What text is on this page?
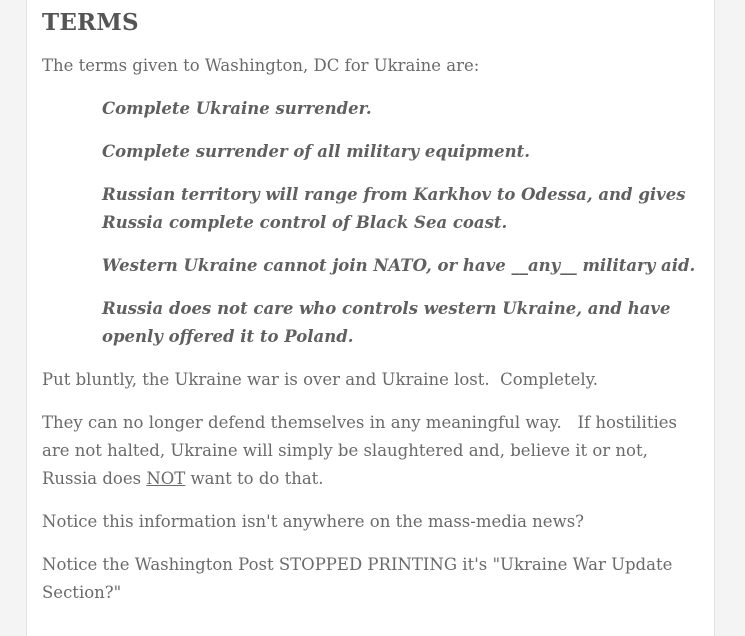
TERMS

The terms given to Washington, DC for Ukraine are:

Complete Ukraine surrender.
Complete surrender of all military equipment.
Russian territory will range from Karkhov to Odessa, and gives Russia complete control of Black Sea coast.
Western Ukraine cannot join NATO, or have __any__ military aid.
Russia does not care who controls western Ukraine, and have openly offered it to Poland.

Put bluntly, the Ukraine war is over and Ukraine lost.  Completely.

They can no longer defend themselves in any meaningful way.   If hostilities are not halted, Ukraine will simply be slaughtered and, believe it or not, Russia does NOT want to do that.

Notice this information isn't anywhere on the mass-media news?

Notice the Washington Post STOPPED PRINTING it's "Ukraine War Update Section?"
